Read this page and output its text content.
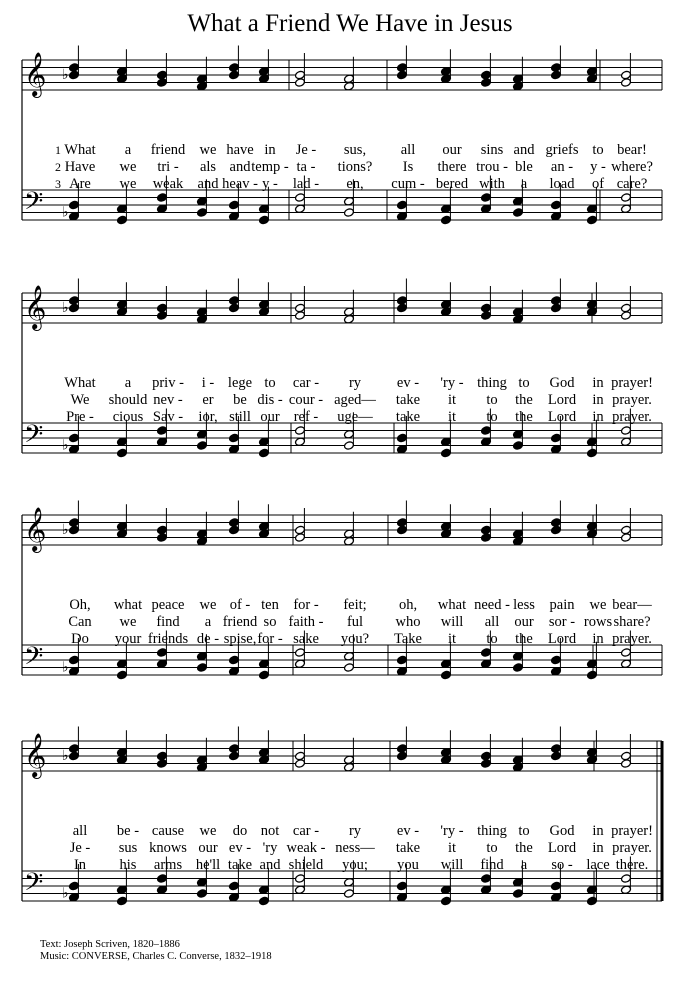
What a Friend We Have in Jesus
𝄞
𝄢
♭
♭
1 What a friend we have in Je - sus, all our sins and griefs to bear!
2 Have we tri - als and temp - ta - tions? Is there trou - ble an - y - where?
3 Are we weak and heav - y - lad - en, cum - bered with a load of care?
𝄞
𝄢
♭
♭
What a priv - i - lege to car - ry ev - 'ry - thing to God in prayer!
We should nev - er be dis - cour - aged— take it to the Lord in prayer.
Pre - cious Sav - ior, still our ref - uge— take it to the Lord in prayer.
𝄞
𝄢
♭
♭
Oh, what peace we of - ten for - feit; oh, what need - less pain we bear—
Can we find a friend so faith - ful who will all our sor - rows share?
Do your friends de - spise, for - sake you? Take it to the Lord in prayer.
𝄞
𝄢
♭
♭
all be - cause we do not car - ry ev - 'ry - thing to God in prayer!
Je - sus knows our ev - 'ry weak - ness— take it to the Lord in prayer.
In his arms he'll take and shield you; you will find a so - lace there.
Text: Joseph Scriven, 1820–1886
Music: CONVERSE, Charles C. Converse, 1832–1918
